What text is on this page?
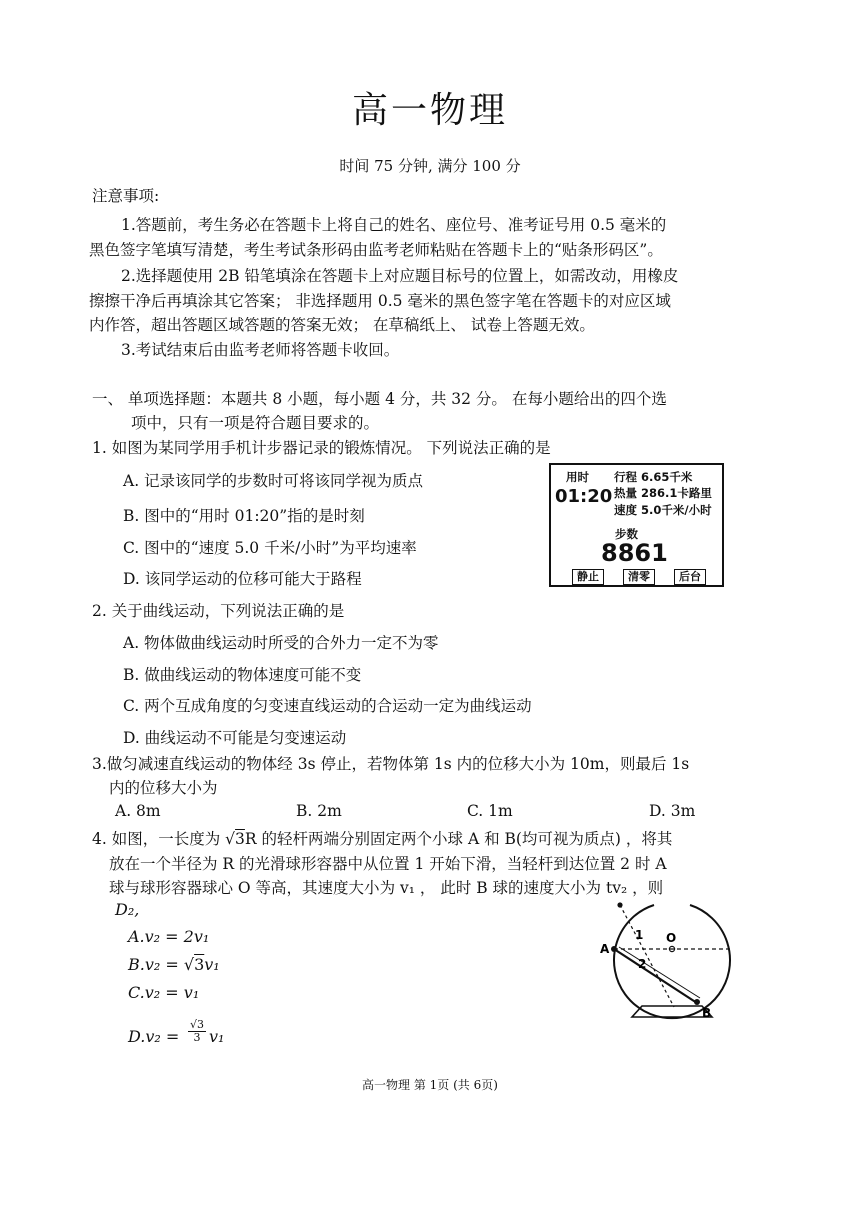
高一物理
时间 75 分钟, 满分 100 分
注意事项:
1.答题前，考生务必在答题卡上将自己的姓名、座位号、准考证号用 0.5 毫米的
黑色签字笔填写清楚，考生考试条形码由监考老师粘贴在答题卡上的“贴条形码区”。
2.选择题使用 2B 铅笔填涂在答题卡上对应题目标号的位置上，如需改动，用橡皮
擦擦干净后再填涂其它答案； 非选择题用 0.5 毫米的黑色签字笔在答题卡的对应区域
内作答，超出答题区域答题的答案无效； 在草稿纸上、 试卷上答题无效。
3.考试结束后由监考老师将答题卡收回。
一、 单项选择题：本题共 8 小题，每小题 4 分，共 32 分。 在每小题给出的四个选
项中，只有一项是符合题目要求的。
1. 如图为某同学用手机计步器记录的锻炼情况。 下列说法正确的是
A. 记录该同学的步数时可将该同学视为质点
B. 图中的“用时 01:20”指的是时刻
C. 图中的“速度 5.0 千米/小时”为平均速率
D. 该同学运动的位移可能大于路程
用时
01:20
行程 6.65千米
热量 286.1卡路里
速度 5.0千米/小时
步数
8861
静止	清零	后台
2. 关于曲线运动，下列说法正确的是
A. 物体做曲线运动时所受的合外力一定不为零
B. 做曲线运动的物体速度可能不变
C. 两个互成角度的匀变速直线运动的合运动一定为曲线运动
D. 曲线运动不可能是匀变速运动
3.做匀减速直线运动的物体经 3s 停止，若物体第 1s 内的位移大小为 10m，则最后 1s
内的位移大小为
A. 8m	B. 2m	C. 1m	D. 3m
4. 如图，一长度为 √3R 的轻杆两端分别固定两个小球 A 和 B(均可视为质点) ，将其
放在一个半径为 R 的光滑球形容器中从位置 1 开始下滑，当轻杆到达位置 2 时 A
球与球形容器球心 O 等高，其速度大小为 v₁ ， 此时 B 球的速度大小为 tv₂ ，则
D₂,
A.v₂ = 2v₁
B.v₂ = √3v₁
C.v₂ = v₁
D.v₂ =
√3
3 v₁
1
2
O
A
B
高一物理 第 1页 (共 6页)
